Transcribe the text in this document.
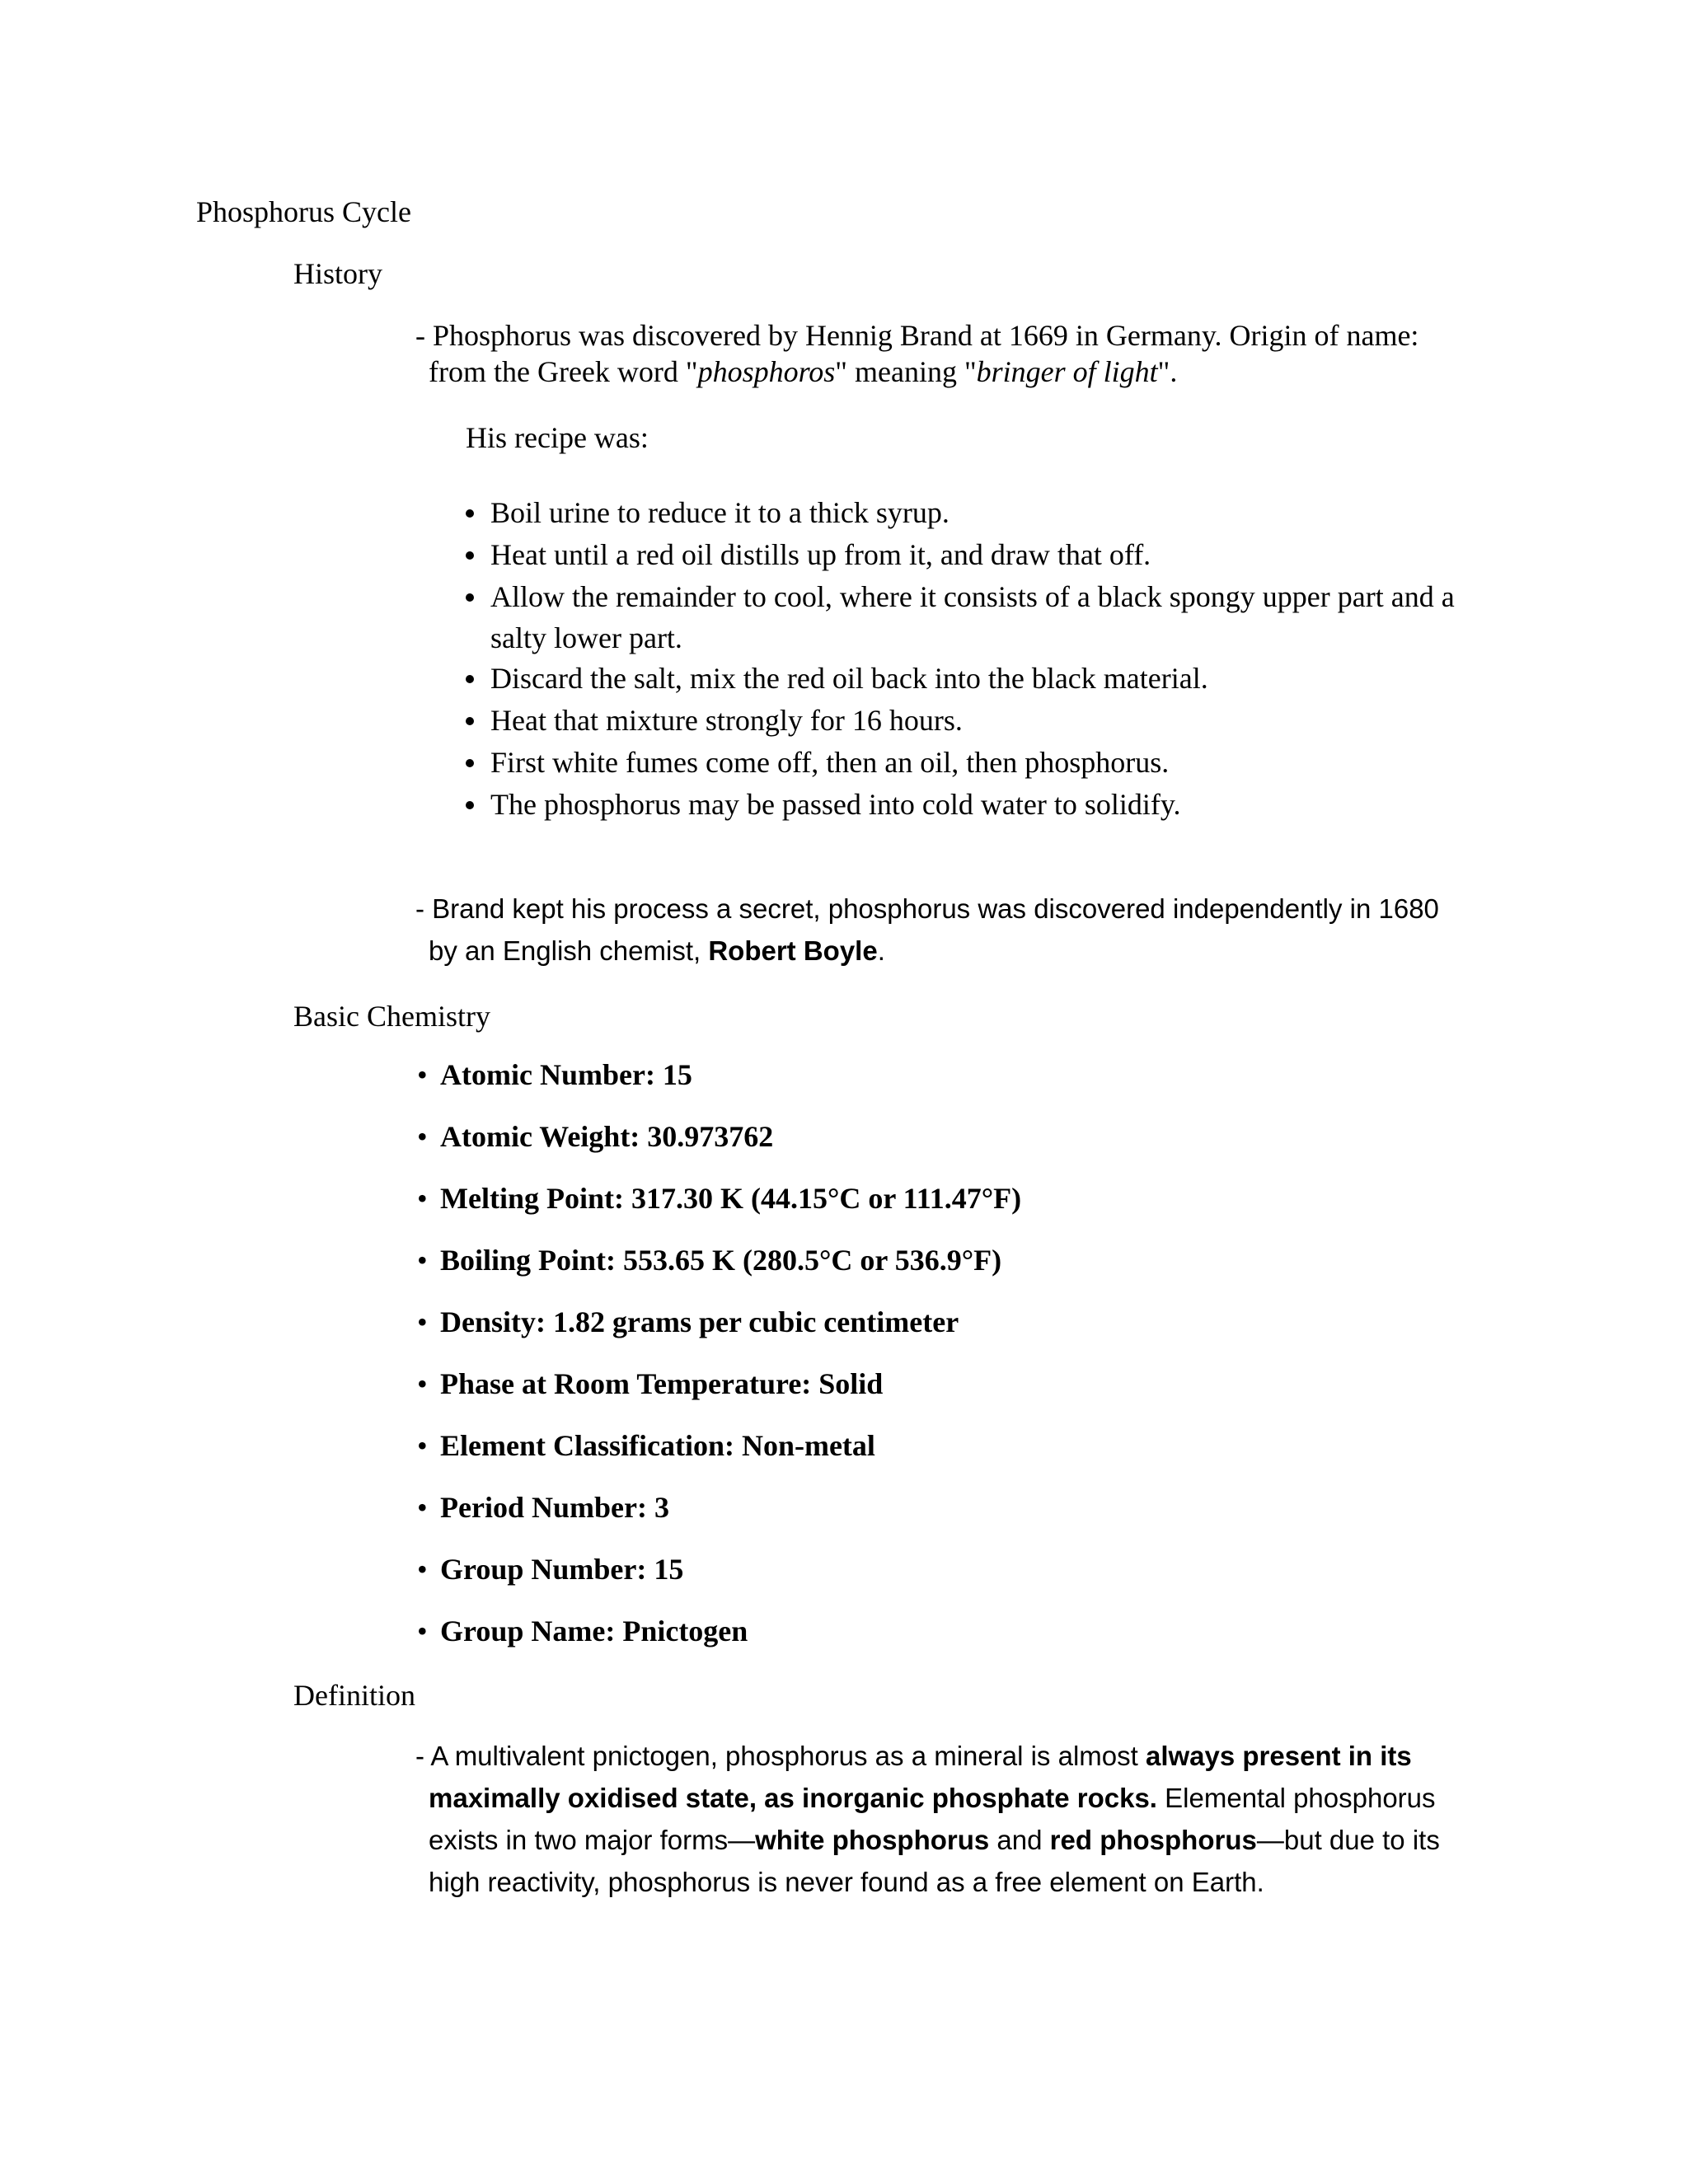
Phosphorus Cycle
History
- Phosphorus was discovered by Hennig Brand at 1669 in Germany. Origin of name:
from the Greek word "phosphoros" meaning "bringer of light".
His recipe was:
Boil urine to reduce it to a thick syrup.
Heat until a red oil distills up from it, and draw that off.
Allow the remainder to cool, where it consists of a black spongy upper part and a
salty lower part.
Discard the salt, mix the red oil back into the black material.
Heat that mixture strongly for 16 hours.
First white fumes come off, then an oil, then phosphorus.
The phosphorus may be passed into cold water to solidify.
- Brand kept his process a secret, phosphorus was discovered independently in 1680
by an English chemist, Robert Boyle.
Basic Chemistry
• Atomic Number: 15
• Atomic Weight: 30.973762
• Melting Point: 317.30 K (44.15°C or 111.47°F)
• Boiling Point: 553.65 K (280.5°C or 536.9°F)
• Density: 1.82 grams per cubic centimeter
• Phase at Room Temperature: Solid
• Element Classification: Non-metal
• Period Number: 3
• Group Number: 15
• Group Name: Pnictogen
Definition
- A multivalent pnictogen, phosphorus as a mineral is almost always present in its
maximally oxidised state, as inorganic phosphate rocks. Elemental phosphorus
exists in two major forms—white phosphorus and red phosphorus—but due to its
high reactivity, phosphorus is never found as a free element on Earth.
